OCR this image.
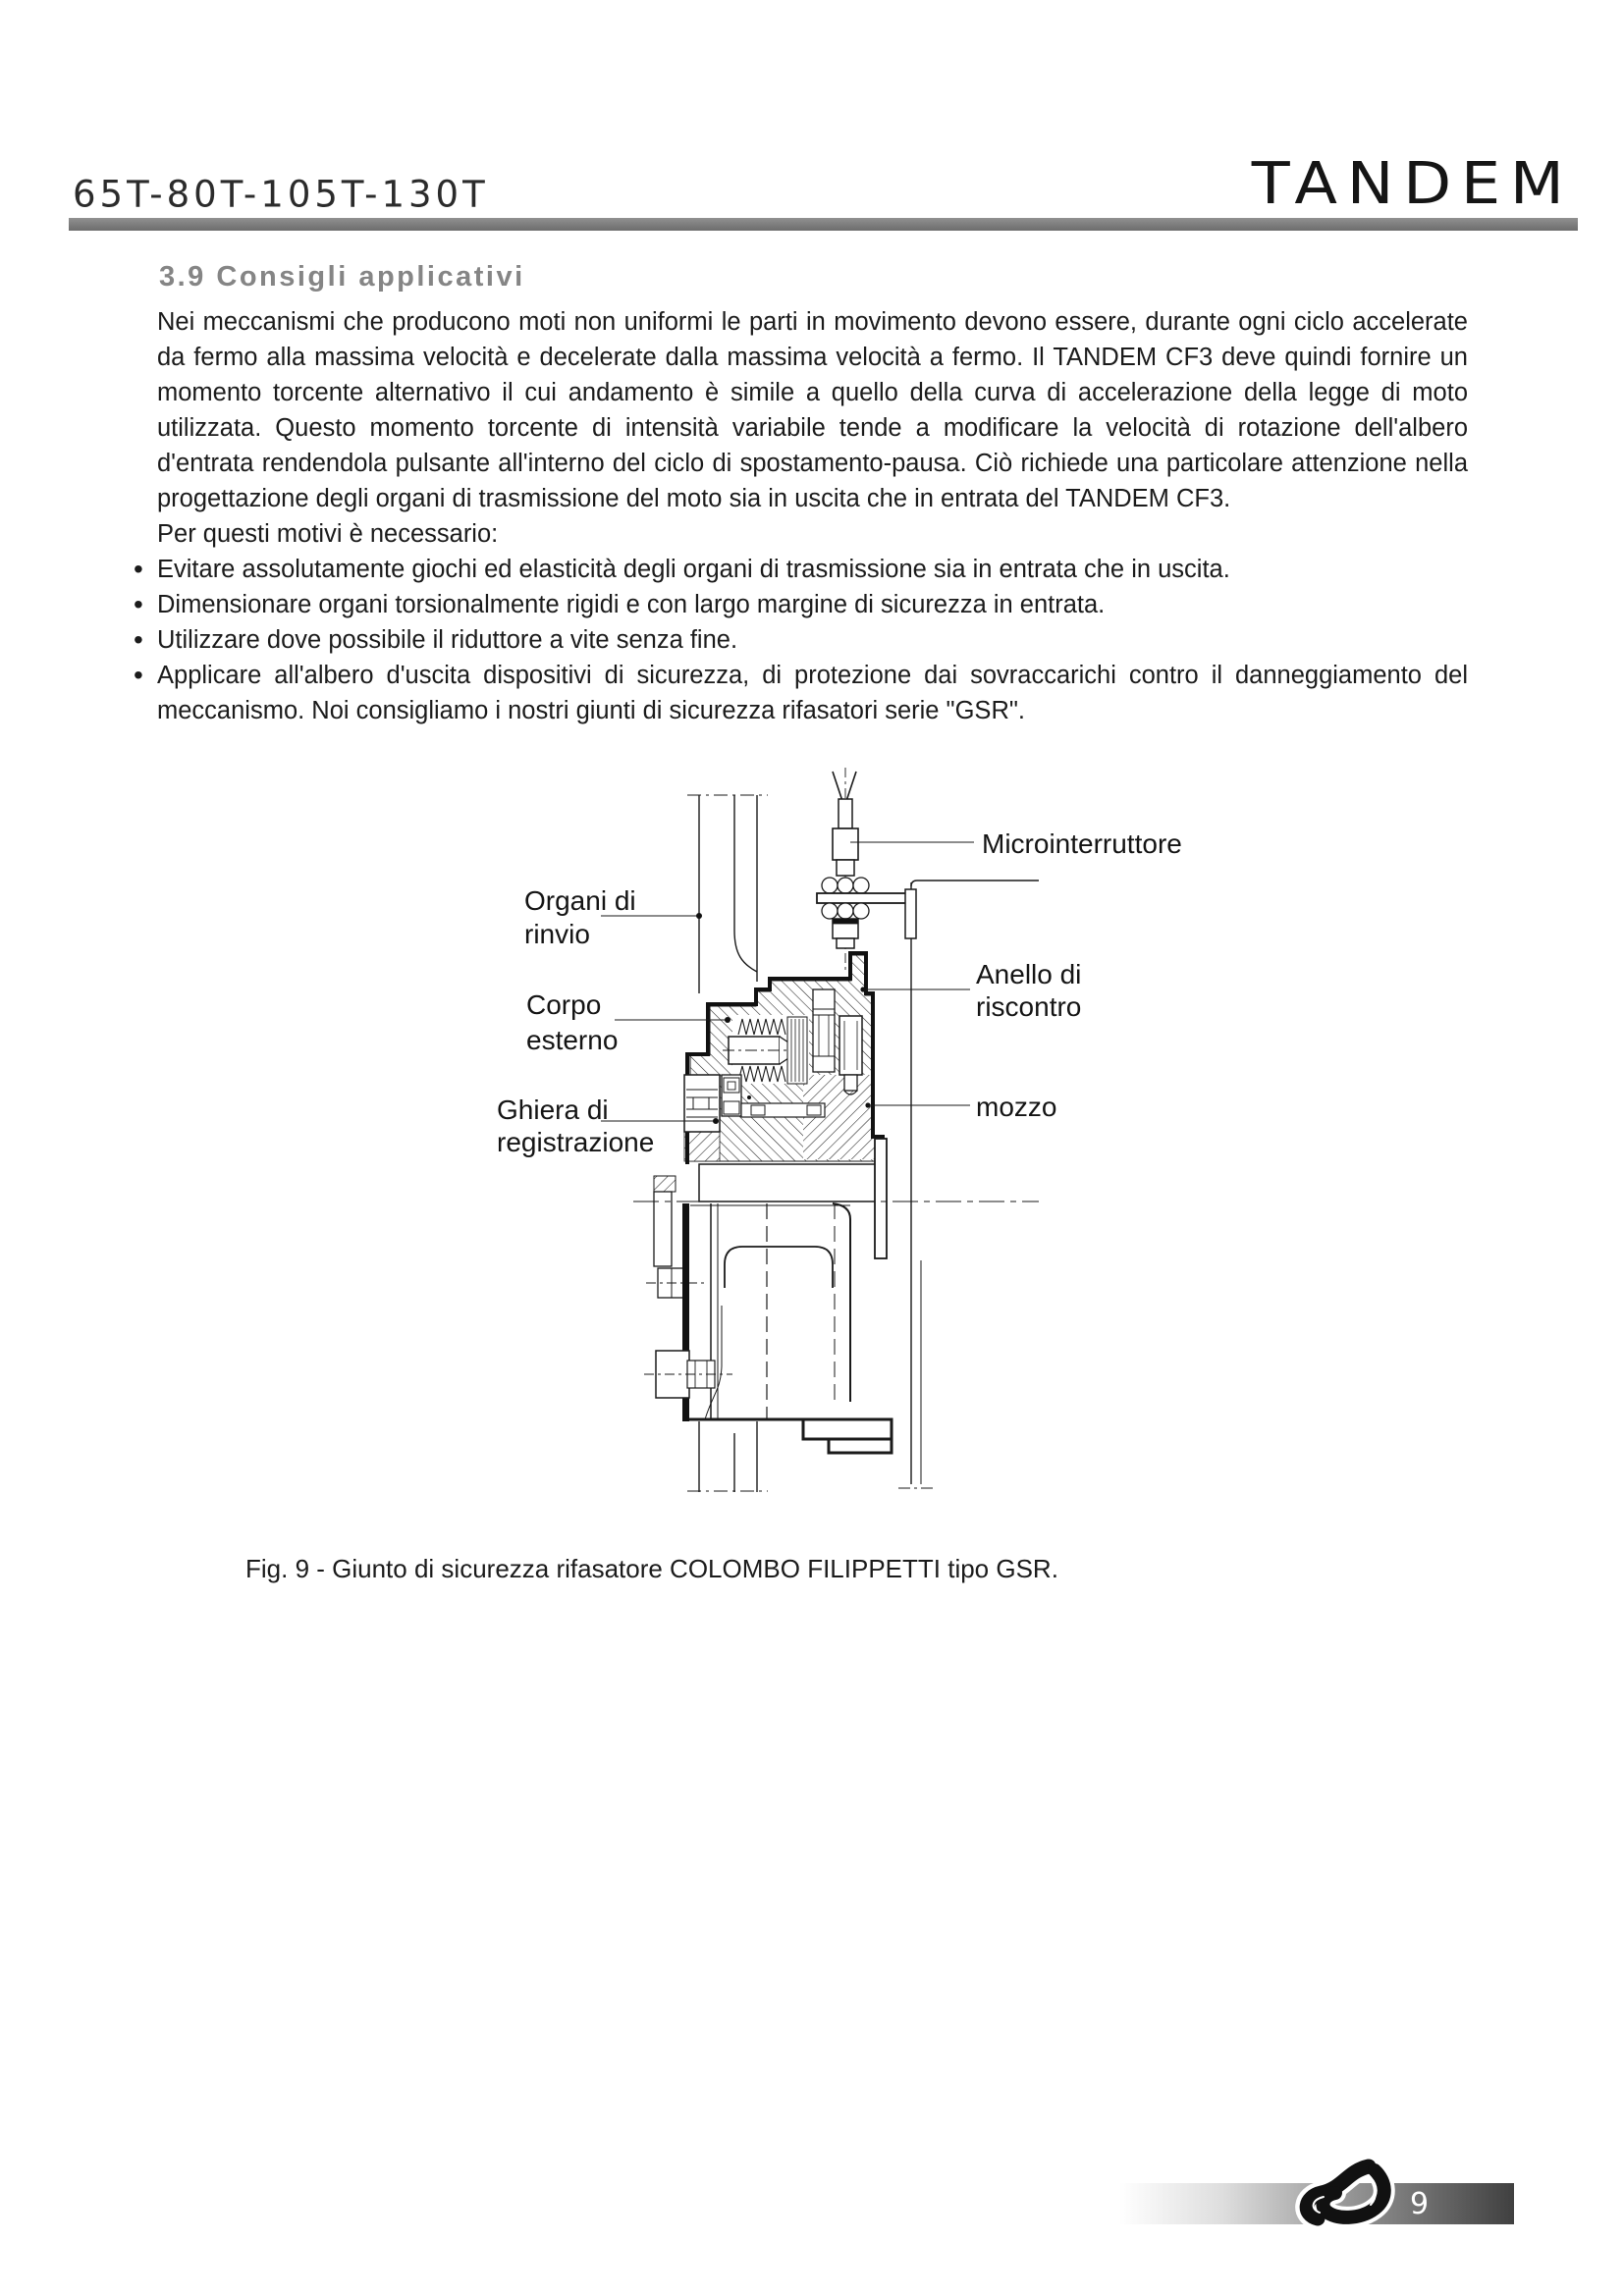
65T-80T-105T-130T	TANDEM
3.9 Consigli applicativi

Nei meccanismi che producono moti non uniformi le parti in movimento devono essere, durante ogni ciclo accelerate da fermo alla massima velocità e decelerate dalla massima velocità a fermo. Il TANDEM CF3 deve quindi fornire un momento torcente alternativo il cui andamento è simile a quello della curva di accelerazione della legge di moto utilizzata. Questo momento torcente di intensità variabile tende a modificare la velocità di rotazione dell'albero d'entrata rendendola pulsante all'interno del ciclo di spostamento-pausa. Ciò richiede una particolare attenzione nella progettazione degli organi di trasmissione del moto sia in uscita che in entrata del TANDEM CF3.

Per questi motivi è necessario:

• Evitare assolutamente giochi ed elasticità degli organi di trasmissione sia in entrata che in uscita.
• Dimensionare organi torsionalmente rigidi e con largo margine di sicurezza in entrata.
• Utilizzare dove possibile il riduttore a vite senza fine.
• Applicare all'albero d'uscita dispositivi di sicurezza, di protezione dai sovraccarichi contro il danneggiamento del meccanismo. Noi consigliamo i nostri giunti di sicurezza rifasatori serie "GSR".
Microinterruttore
Organi di
rinvio
Anello di
riscontro
Corpo
esterno
Ghiera di
registrazione
mozzo
Fig. 9 - Giunto di sicurezza rifasatore COLOMBO FILIPPETTI tipo GSR.
9
